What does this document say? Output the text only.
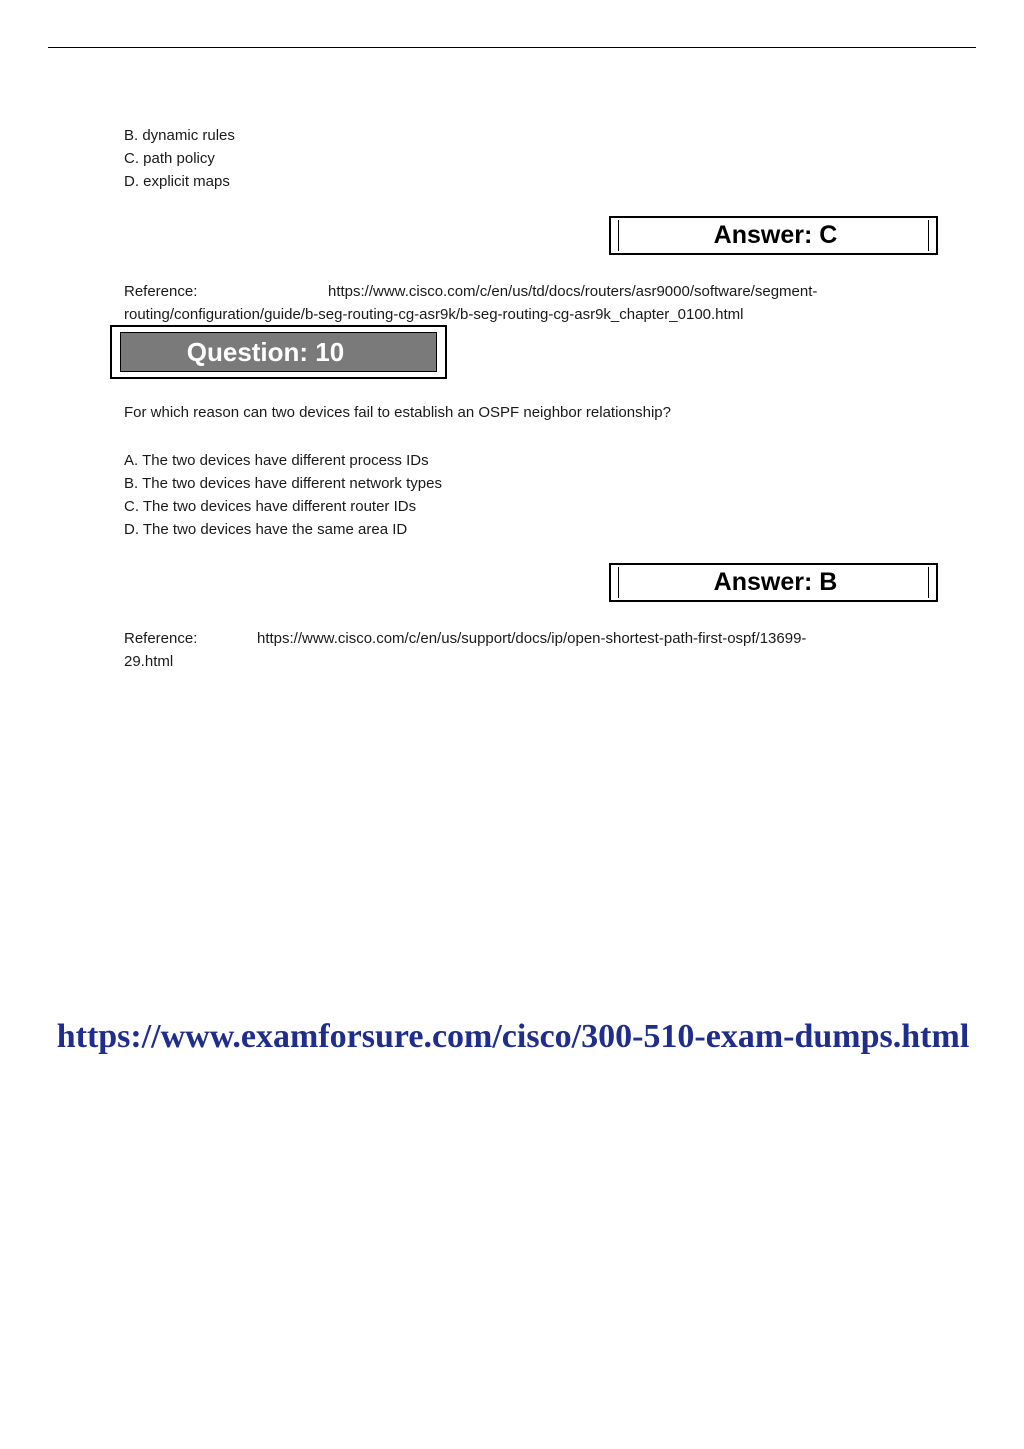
B. dynamic rules
C. path policy
D. explicit maps
Answer: C
Reference:	https://www.cisco.com/c/en/us/td/docs/routers/asr9000/software/segment-
routing/configuration/guide/b-seg-routing-cg-asr9k/b-seg-routing-cg-asr9k_chapter_0100.html
Question: 10
For which reason can two devices fail to establish an OSPF neighbor relationship?
A. The two devices have different process IDs
B. The two devices have different network types
C. The two devices have different router IDs
D. The two devices have the same area ID
Answer: B
Reference:	https://www.cisco.com/c/en/us/support/docs/ip/open-shortest-path-first-ospf/13699-
29.html
https://www.examforsure.com/cisco/300-510-exam-dumps.html
